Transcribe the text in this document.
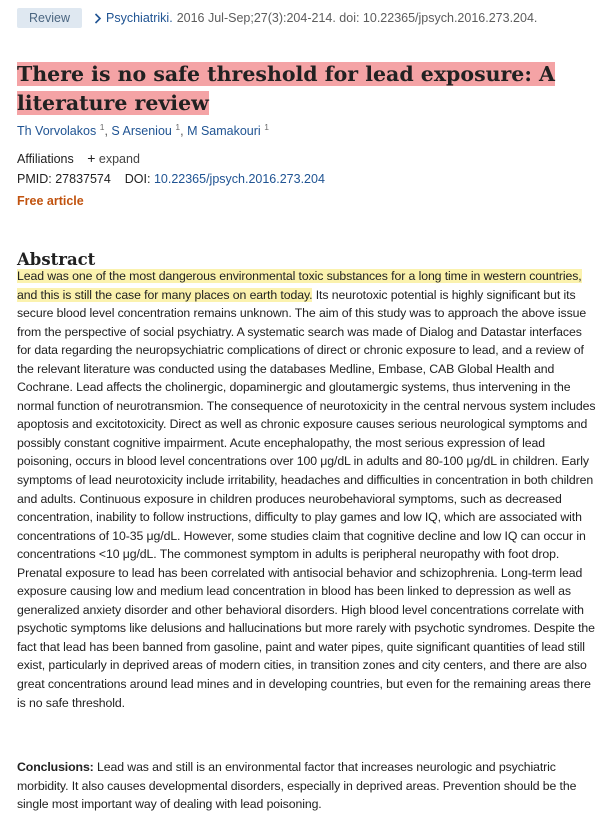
Review	Psychiatriki. 2016 Jul-Sep;27(3):204-214. doi: 10.22365/jpsych.2016.273.204.
There is no safe threshold for lead exposure: A literature review
Th Vorvolakos $^1$, S Arseniou $^1$, M Samakouri $^1$
Affiliations + expand
PMID: 27837574 DOI: 10.22365/jpsych.2016.273.204
Free article
Abstract

Lead was one of the most dangerous environmental toxic substances for a long time in western countries, and this is still the case for many places on earth today. Its neurotoxic potential is highly significant but its secure blood level concentration remains unknown. The aim of this study was to approach the above issue from the perspective of social psychiatry. A systematic search was made of Dialog and Datastar interfaces for data regarding the neuropsychiatric complications of direct or chronic exposure to lead, and a review of the relevant literature was conducted using the databases Medline, Embase, CAB Global Health and Cochrane. Lead affects the cholinergic, dopaminergic and gloutamergic systems, thus intervening in the normal function of neurotransmion. The consequence of neurotoxicity in the central nervous system includes apoptosis and excitotoxicity. Direct as well as chronic exposure causes serious neurological symptoms and possibly constant cognitive impairment. Acute encephalopathy, the most serious expression of lead poisoning, occurs in blood level concentrations over 100 μg/dL in adults and 80-100 μg/dL in children. Early symptoms of lead neurotoxicity include irritability, headaches and difficulties in concentration in both children and adults. Continuous exposure in children produces neurobehavioral symptoms, such as decreased concentration, inability to follow instructions, difficulty to play games and low IQ, which are associated with concentrations of 10-35 μg/dL. However, some studies claim that cognitive decline and low IQ can occur in concentrations <10 μg/dL. The commonest symptom in adults is peripheral neuropathy with foot drop. Prenatal exposure to lead has been correlated with antisocial behavior and schizophrenia. Long-term lead exposure causing low and medium lead concentration in blood has been linked to depression as well as generalized anxiety disorder and other behavioral disorders. High blood level concentrations correlate with psychotic symptoms like delusions and hallucinations but more rarely with psychotic syndromes. Despite the fact that lead has been banned from gasoline, paint and water pipes, quite significant quantities of lead still exist, particularly in deprived areas of modern cities, in transition zones and city centers, and there are also great concentrations around lead mines and in developing countries, but even for the remaining areas there is no safe threshold.

Conclusions: Lead was and still is an environmental factor that increases neurologic and psychiatric morbidity. It also causes developmental disorders, especially in deprived areas. Prevention should be the single most important way of dealing with lead poisoning.
